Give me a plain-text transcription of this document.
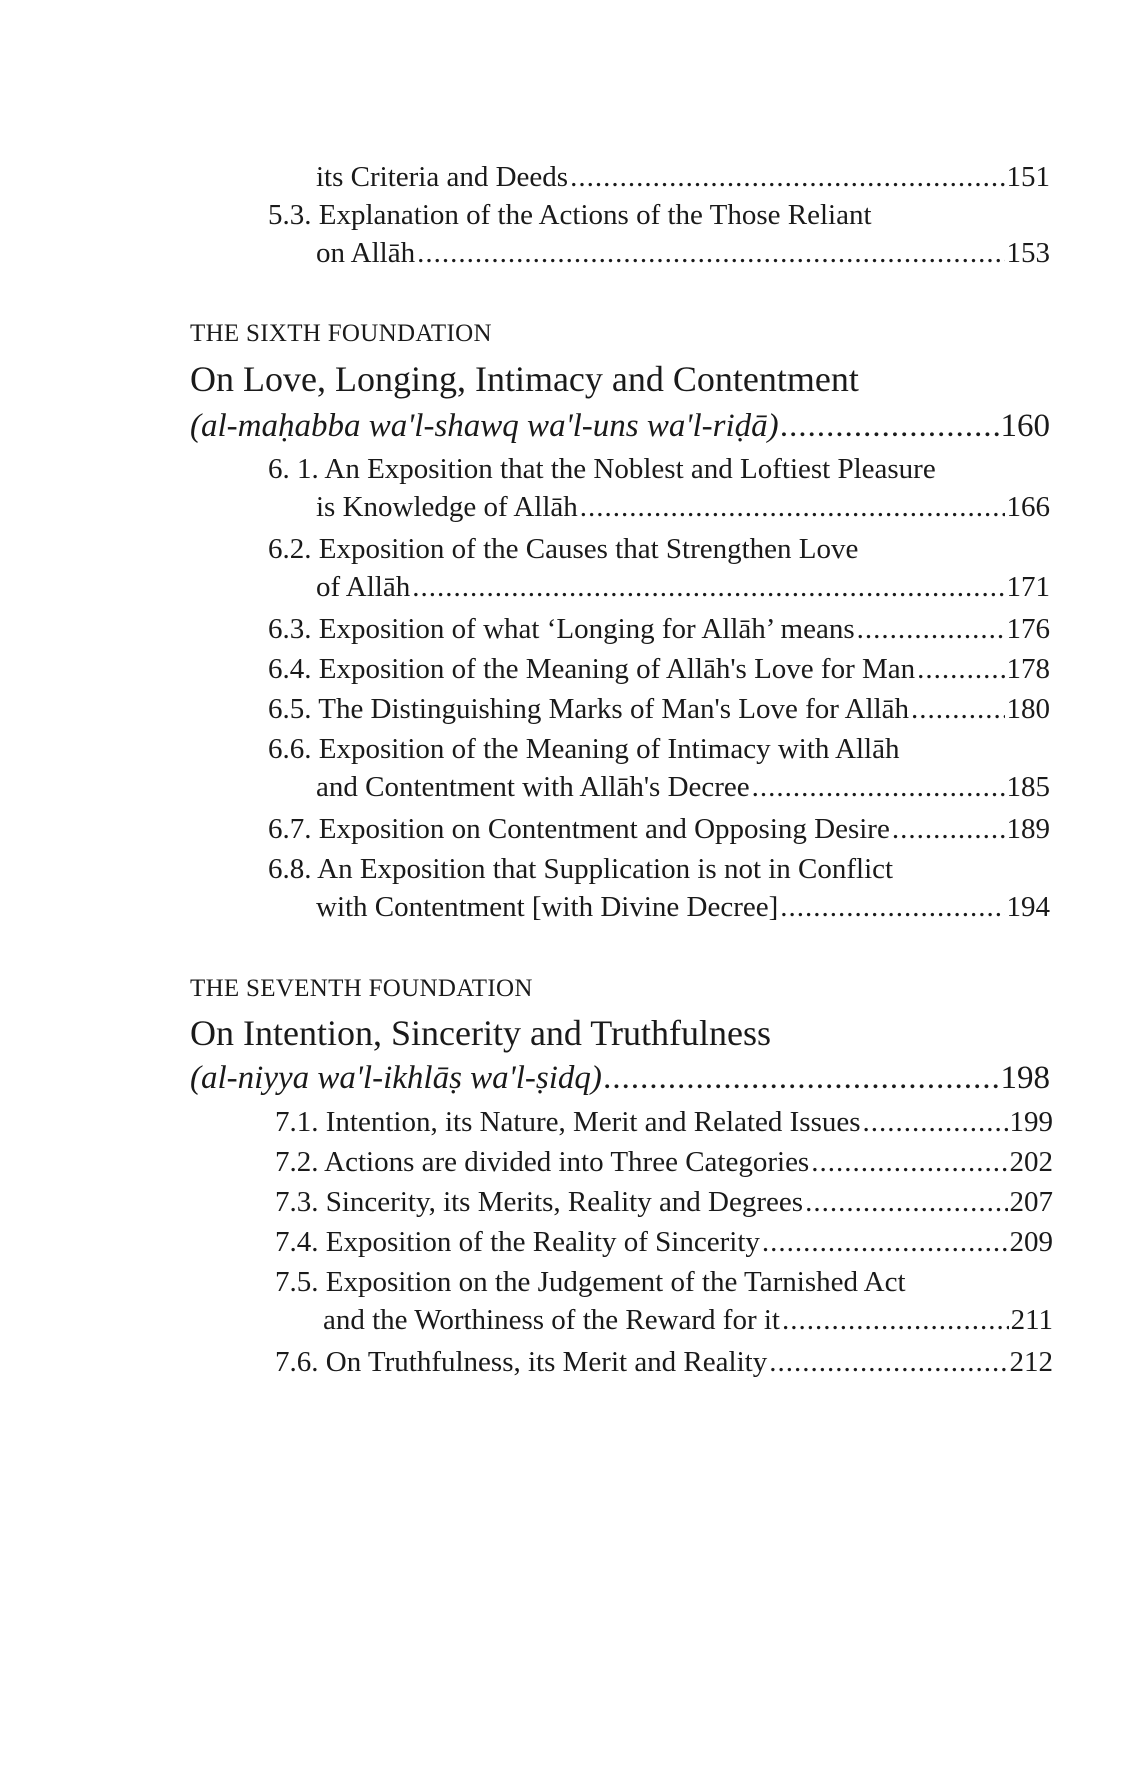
its Criteria and Deeds .....	151
5.3. Explanation of the Actions of the Those Reliant
on Allāh .....	153
THE SIXTH FOUNDATION
On Love, Longing, Intimacy and Contentment
(al-maḥabba wa'l-shawq wa'l-uns wa'l-riḍā) .....	160
6. 1. An Exposition that the Noblest and Loftiest Pleasure
is Knowledge of Allāh .....	166
6.2. Exposition of the Causes that Strengthen Love
of Allāh .....	171
6.3. Exposition of what ‘Longing for Allāh’ means .....	176
6.4. Exposition of the Meaning of Allāh's Love for Man .....	178
6.5. The Distinguishing Marks of Man's Love for Allāh .....	180
6.6. Exposition of the Meaning of Intimacy with Allāh
and Contentment with Allāh's Decree .....	185
6.7. Exposition on Contentment and Opposing Desire .....	189
6.8. An Exposition that Supplication is not in Conflict
with Contentment [with Divine Decree] .....	194
THE SEVENTH FOUNDATION
On Intention, Sincerity and Truthfulness
(al-niyya wa'l-ikhlāṣ wa'l-ṣidq) .....	198
7.1. Intention, its Nature, Merit and Related Issues .....	199
7.2. Actions are divided into Three Categories .....	202
7.3. Sincerity, its Merits, Reality and Degrees .....	207
7.4. Exposition of the Reality of Sincerity .....	209
7.5. Exposition on the Judgement of the Tarnished Act
and the Worthiness of the Reward for it .....	211
7.6. On Truthfulness, its Merit and Reality .....	212
